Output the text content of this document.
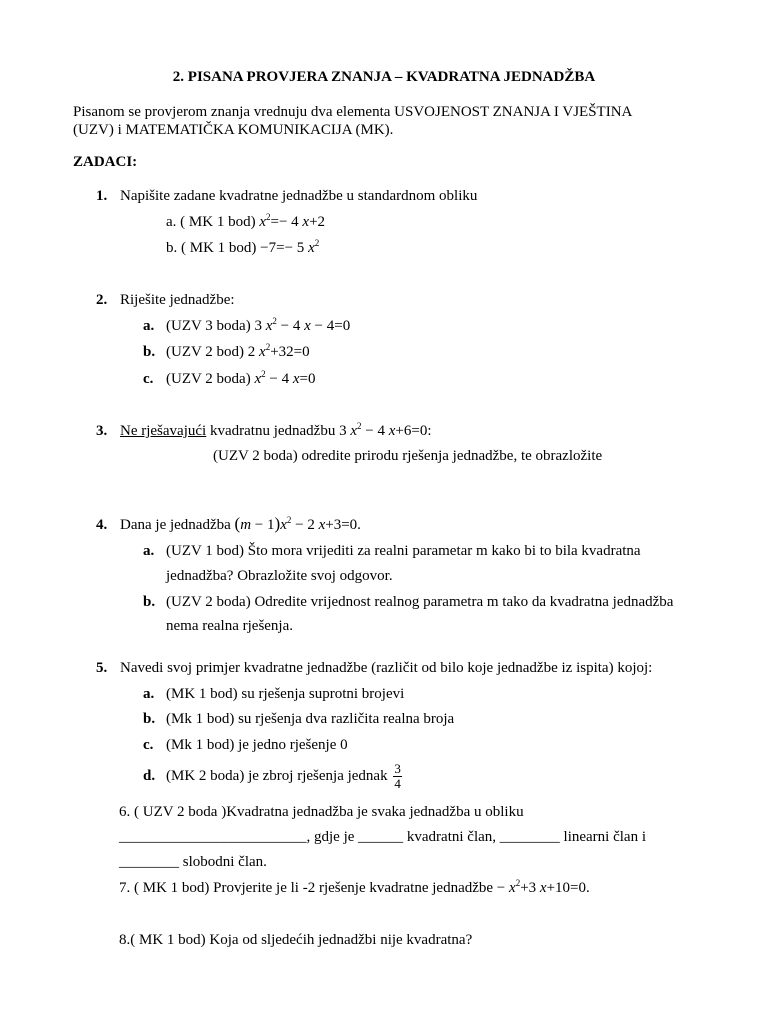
2. PISANA PROVJERA ZNANJA – KVADRATNA JEDNADŽBA
Pisanom se provjerom znanja vrednuju dva elementa USVOJENOST ZNANJA I VJEŠTINA
(UZV) i MATEMATIČKA KOMUNIKACIJA (MK).
ZADACI:
1. Napišite zadane kvadratne jednadžbe u standardnom obliku
a. ( MK 1 bod) $x^2=- 4$ x+2
b. ( MK 1 bod) −7=− 5 $x^2$
2. Riješite jednadžbe:
a. (UZV 3 boda) 3 $x^2 - 4$ x − 4=0
b. (UZV 2 bod) 2 $x^2+32=0$
c. (UZV 2 boda) $x^2 - 4$ x=0
3. Ne rješavajući kvadratnu jednadžbu 3 $x^2 - 4$ x+6=0:
(UZV 2 boda) odredite prirodu rješenja jednadžbe, te obrazložite
4. Dana je jednadžba $(m - 1)x^2 - 2$ x+3=0.
a. (UZV 1 bod) Što mora vrijediti za realni parametar m kako bi to bila kvadratna
jednadžba? Obrazložite svoj odgovor.
b. (UZV 2 boda) Odredite vrijednost realnog parametra m tako da kvadratna jednadžba
nema realna rješenja.
5. Navedi svoj primjer kvadratne jednadžbe (različit od bilo koje jednadžbe iz ispita) kojoj:
a. (MK 1 bod) su rješenja suprotni brojevi
b. (Mk 1 bod) su rješenja dva različita realna broja
c. (Mk 1 bod) je jedno rješenje 0
d. (MK 2 boda) je zbroj rješenja jednak $\frac{3}{4}$
6. ( UZV 2 boda )Kvadratna jednadžba je svaka jednadžba u obliku
_________________________, gdje je ______ kvadratni član, ________ linearni član i
________ slobodni član.
7. ( MK 1 bod) Provjerite je li -2 rješenje kvadratne jednadžbe − $x^2+3$ x+10=0.
8.( MK 1 bod) Koja od sljedećih jednadžbi nije kvadratna?
